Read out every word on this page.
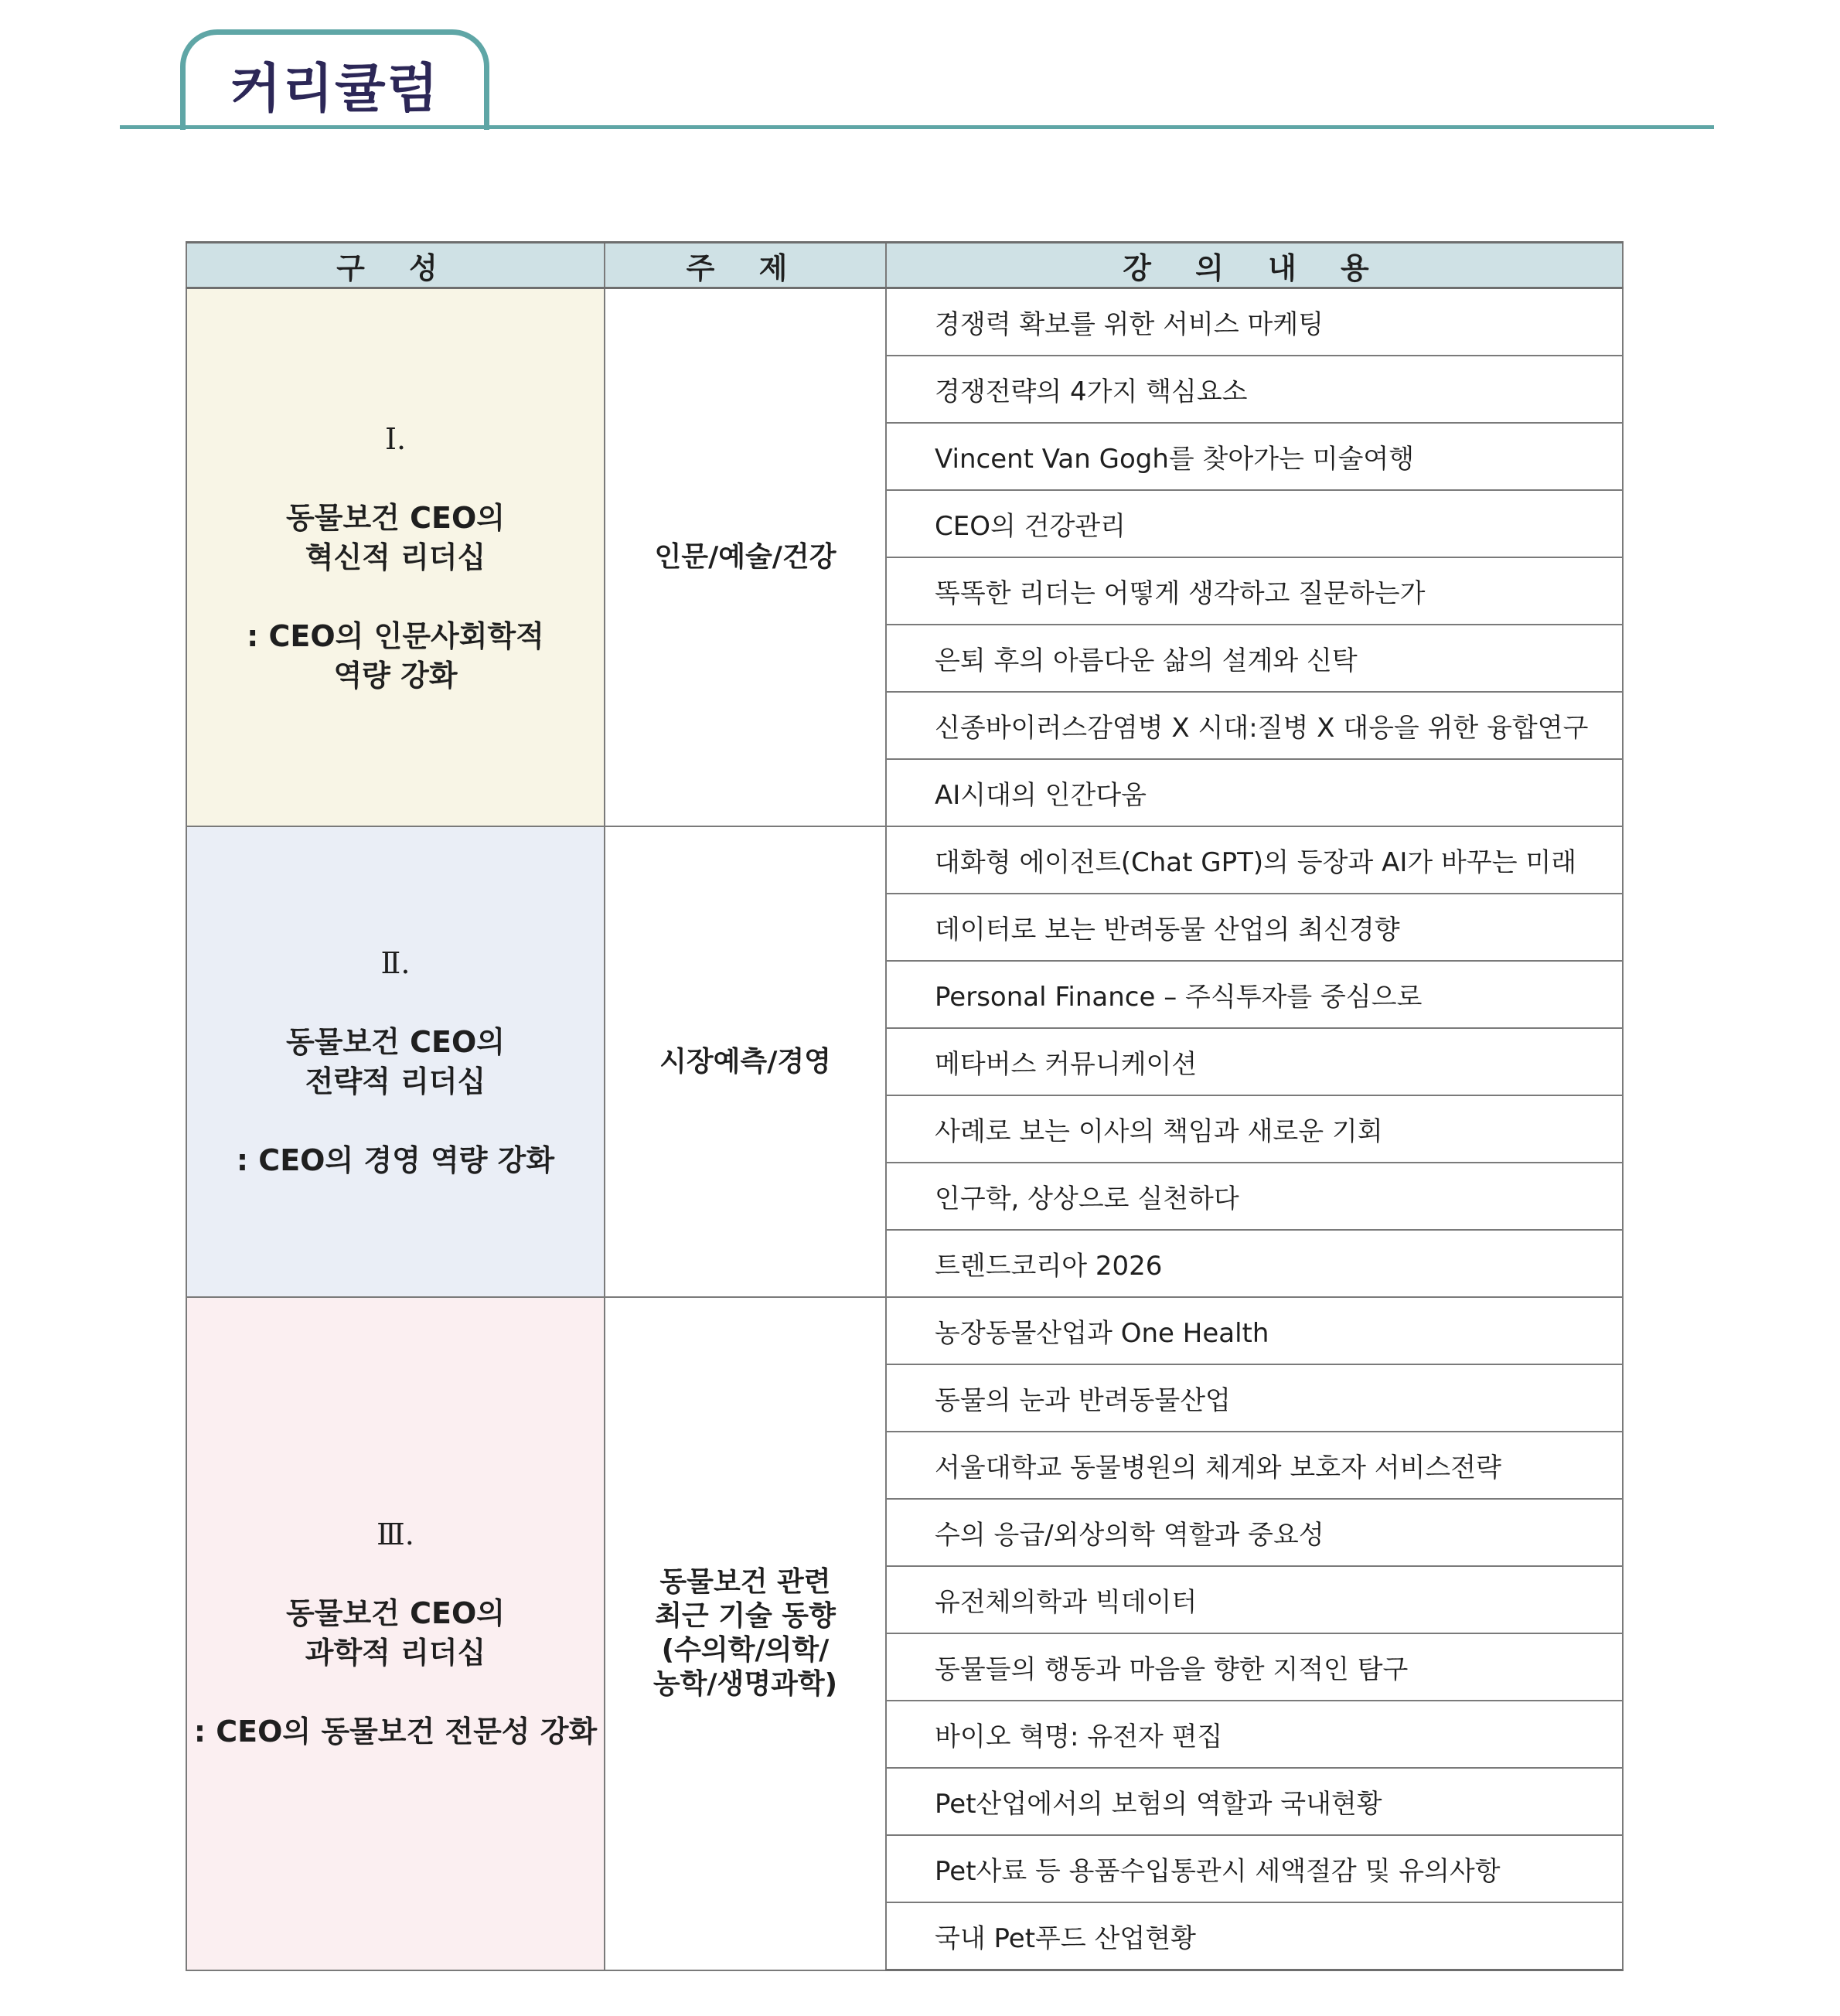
커리큘럼
구 성	주 제	강 의 내 용

Ⅰ.
동물보건 CEO의
혁신적 리더십
: CEO의 인문사회학적
역량 강화	인문/예술/건강	경쟁력 확보를 위한 서비스 마케팅
		경쟁전략의 4가지 핵심요소
		Vincent Van Gogh를 찾아가는 미술여행
		CEO의 건강관리
		똑똑한 리더는 어떻게 생각하고 질문하는가
		은퇴 후의 아름다운 삶의 설계와 신탁
		신종바이러스감염병 X 시대:질병 X 대응을 위한 융합연구
		AI시대의 인간다움

Ⅱ.
동물보건 CEO의
전략적 리더십
: CEO의 경영 역량 강화	시장예측/경영	대화형 에이전트(Chat GPT)의 등장과 AI가 바꾸는 미래
		데이터로 보는 반려동물 산업의 최신경향
		Personal Finance – 주식투자를 중심으로
		메타버스 커뮤니케이션
		사례로 보는 이사의 책임과 새로운 기회
		인구학, 상상으로 실천하다
		트렌드코리아 2026

Ⅲ.
동물보건 CEO의
과학적 리더십
: CEO의 동물보건 전문성 강화	동물보건 관련
최근 기술 동향
(수의학/의학/
농학/생명과학)	농장동물산업과 One Health
		동물의 눈과 반려동물산업
		서울대학교 동물병원의 체계와 보호자 서비스전략
		수의 응급/외상의학 역할과 중요성
		유전체의학과 빅데이터
		동물들의 행동과 마음을 향한 지적인 탐구
		바이오 혁명: 유전자 편집
		Pet산업에서의 보험의 역할과 국내현황
		Pet사료 등 용품수입통관시 세액절감 및 유의사항
		국내 Pet푸드 산업현황
